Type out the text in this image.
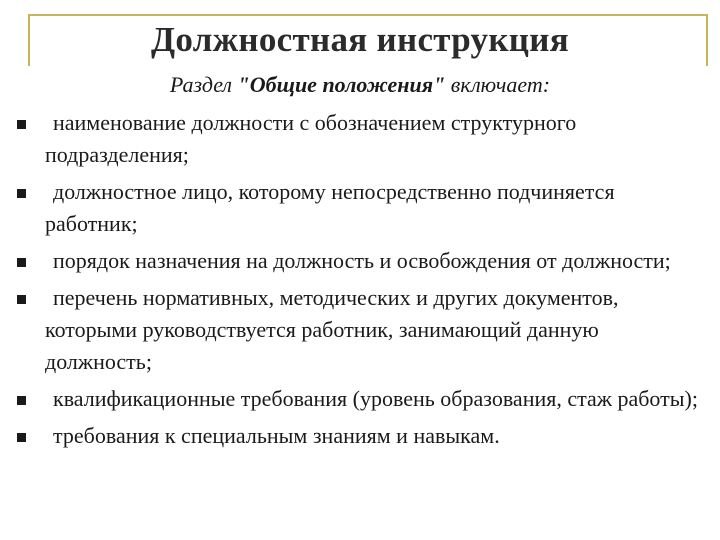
Должностная инструкция
Раздел "Общие положения" включает:
наименование должности с обозначением структурного подразделения;
должностное лицо, которому непосредственно подчиняется работник;
порядок назначения на должность и освобождения от должности;
перечень нормативных, методических и других документов, которыми руководствуется работник, занимающий данную должность;
квалификационные требования (уровень образования, стаж работы);
требования к специальным знаниям и навыкам.
